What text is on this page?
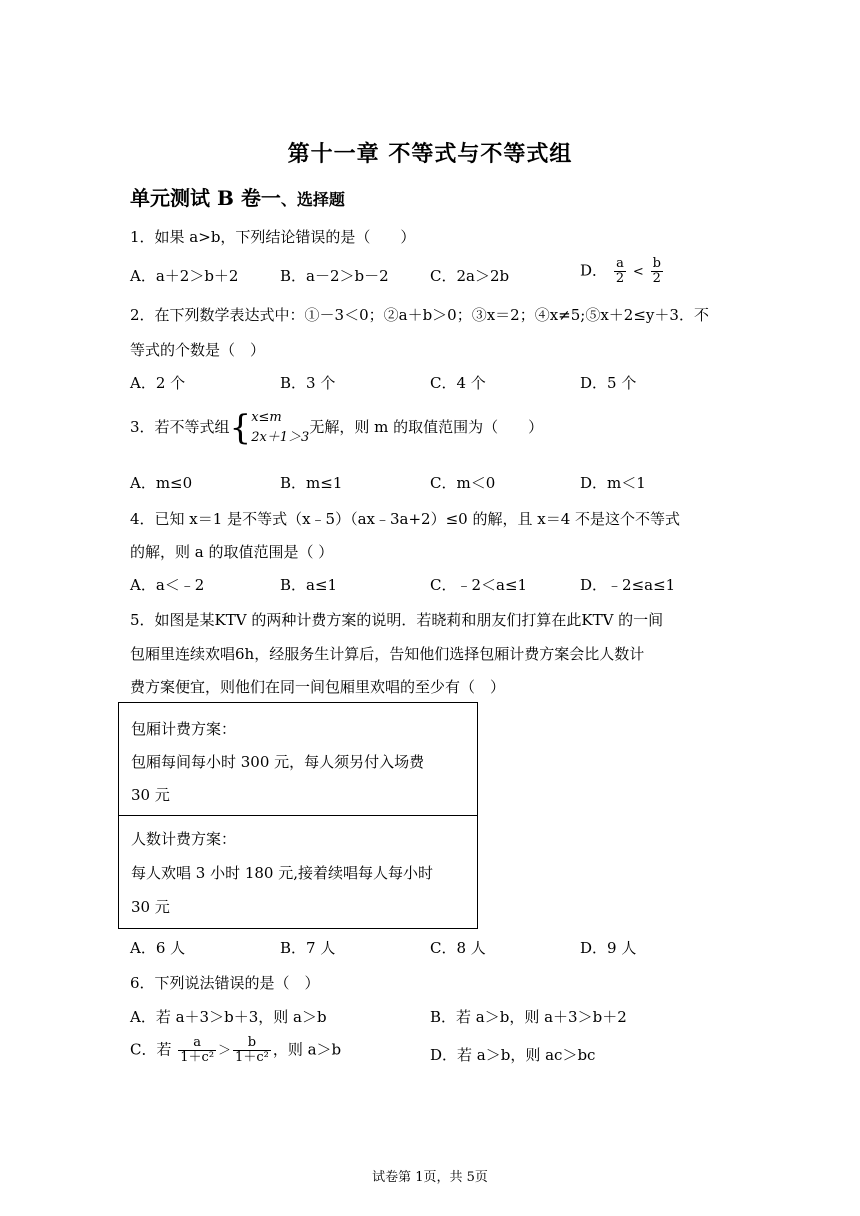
第十一章 不等式与不等式组
单元测试 B 卷一、选择题
1．如果 a>b，下列结论错误的是（　　）
A．a＋2＞b＋2	B．a－2＞b－2	C．2a＞2b	D． $\frac{a}{2} < \frac{b}{2}$
2．在下列数学表达式中：①－3＜0；②a＋b＞0；③x＝2；④x≠5;⑤x＋2≤y＋3．不
等式的个数是（　）
A．2 个	B．3 个	C．4 个	D．5 个
3．若不等式组{ x≤m
2x＋1＞3
无解，则 m 的取值范围为（　　）
A．m≤0	B．m≤1	C．m＜0	D．m＜1
4．已知 x＝1 是不等式（x﹣5）（ax﹣3a+2）≤0 的解，且 x＝4 不是这个不等式
的解，则 a 的取值范围是（ ）
A．a＜﹣2	B．a≤1	C．﹣2＜a≤1	D．﹣2≤a≤1
5．如图是某KTV 的两种计费方案的说明．若晓莉和朋友们打算在此KTV 的一间
包厢里连续欢唱6h，经服务生计算后，告知他们选择包厢计费方案会比人数计
费方案便宜，则他们在同一间包厢里欢唱的至少有（　）
包厢计费方案：
包厢每间每小时 300 元，每人须另付入场费
30 元
人数计费方案：
每人欢唱 3 小时 180 元,接着续唱每人每小时
30 元
A．6 人	B．7 人	C．8 人	D．9 人
6．下列说法错误的是（　）
A．若 a＋3＞b＋3，则 a＞b	B．若 a＞b，则 a＋3＞b＋2
C．若 $\frac{a}{\text{1＋c²}} > \frac{b}{\text{1＋c²}}$ ，则 a＞b	D．若 a＞b，则 ac＞bc
试卷第 1页，共 5页
